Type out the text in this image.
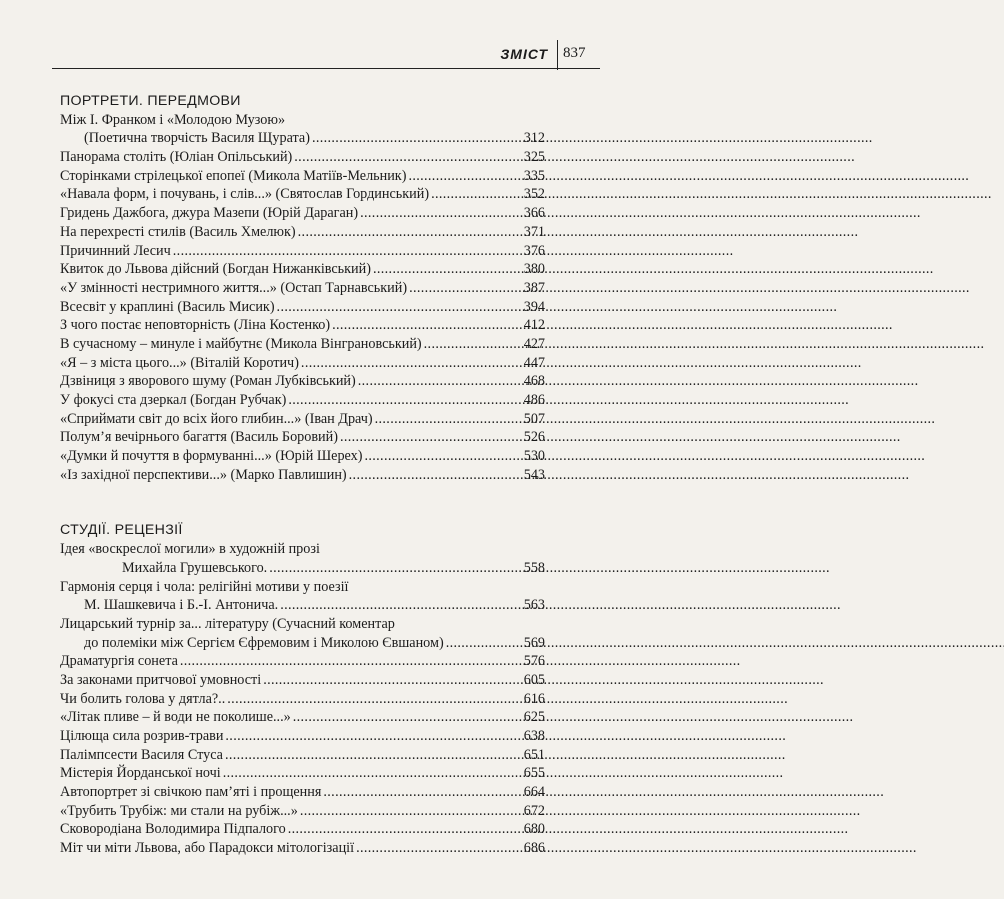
ЗМІСТ 837
ПОРТРЕТИ. ПЕРЕДМОВИ
Між І. Франком і «Молодою Музою»
(Поетична творчість Василя Щурата) . . .	312
Панорама століть (Юліан Опільський) . . .	325
Сторінками стрілецької епопеї (Микола Матіїв-Мельник) . . .	335
«Навала форм, і почувань, і слів...» (Святослав Гординський) . . .	352
Гридень Дажбога, джура Мазепи (Юрій Дараган) . . .	366
На перехресті стилів (Василь Хмелюк) . . .	371
Причинний Лесич . . .	376
Квиток до Львова дійсний (Богдан Нижанківський) . . .	380
«У змінності нестримного життя...» (Остап Тарнавський) . . .	387
Всесвіт у краплині (Василь Мисик) . . .	394
З чого постає неповторність (Ліна Костенко) . . .	412
В сучасному – минуле і майбутнє (Микола Вінграновський) . . .	427
«Я – з міста цього...» (Віталій Коротич) . . .	447
Дзвіниця з яворового шуму (Роман Лубківський) . . .	468
У фокусі ста дзеркал (Богдан Рубчак) . . .	486
«Сприймати світ до всіх його глибин...» (Іван Драч) . . .	507
Полум’я вечірнього багаття (Василь Боровий) . . .	526
«Думки й почуття в формуванні...» (Юрій Шерех) . . .	530
«Із західної перспективи...» (Марко Павлишин) . . .	543
СТУДІЇ. РЕЦЕНЗІЇ
Ідея «воскреслої могили» в художній прозі
Михайла Грушевського. . . .	558
Гармонія серця і чола: релігійні мотиви у поезії
М. Шашкевича і Б.-І. Антонича. . . .	563
Лицарський турнір за... літературу (Сучасний коментар
до полеміки між Сергієм Єфремовим і Миколою Євшаном) . . .	569
Драматургія сонета . . .	576
За законами притчової умовності . . .	605
Чи болить голова у дятла?.. . . .	616
«Літак пливе – й води не поколише...» . . .	625
Цілюща сила розрив-трави . . .	638
Палімпсести Василя Стуса . . .	651
Містерія Йорданської ночі . . .	655
Автопортрет зі свічкою пам’яті і прощення . . .	664
«Трубить Трубіж: ми стали на рубіж...» . . .	672
Сковородіана Володимира Підпалого . . .	680
Міт чи міти Львова, або Парадокси мітологізації . . .	686
